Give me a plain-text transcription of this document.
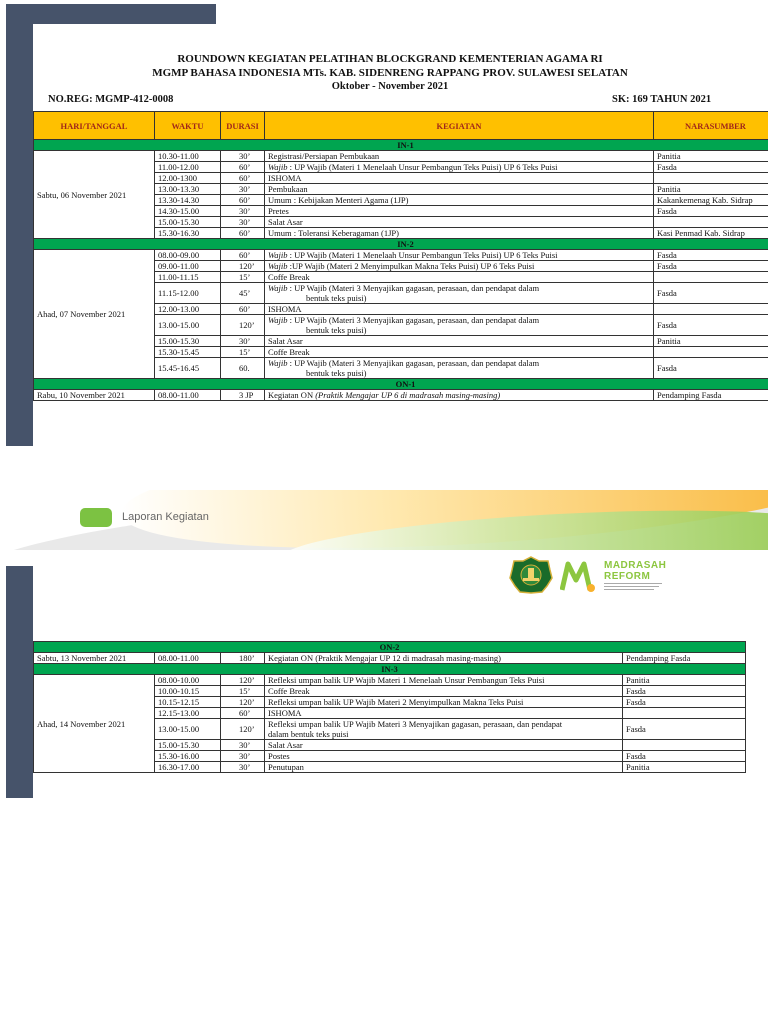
ROUNDOWN KEGIATAN PELATIHAN BLOCKGRAND KEMENTERIAN AGAMA RI
MGMP BAHASA INDONESIA MTs. KAB. SIDENRENG RAPPANG PROV. SULAWESI SELATAN
Oktober - November 2021
NO.REG: MGMP-412-0008	SK: 169 TAHUN 2021
HARI/TANGGAL	WAKTU	DURASI	KEGIATAN	NARASUMBER
IN-1				
Sabtu, 06 November 2021	10.30-11.00	30’	Registrasi/Persiapan Pembukaan	Panitia
	11.00-12.00	60’	Wajib : UP Wajib (Materi 1 Menelaah Unsur Pembangun Teks Puisi) UP 6 Teks Puisi	Fasda
	12.00-1300	60’	ISHOMA	
	13.00-13.30	30’	Pembukaan	Panitia
	13.30-14.30	60’	Umum : Kebijakan Menteri Agama (1JP)	Kakankemenag Kab. Sidrap
	14.30-15.00	30’	Pretes	Fasda
	15.00-15.30	30’	Salat Asar	
	15.30-16.30	60’	Umum : Toleransi Keberagaman (1JP)	Kasi Penmad Kab. Sidrap
IN-2				
Ahad, 07 November 2021	08.00-09.00	60’	Wajib : UP Wajib (Materi 1 Menelaah Unsur Pembangun Teks Puisi) UP 6 Teks Puisi	Fasda
	09.00-11.00	120’	Wajib :UP Wajib (Materi 2 Menyimpulkan Makna Teks Puisi) UP 6 Teks Puisi	Fasda
	11.00-11.15	15’	Coffe Break	
	11.15-12.00	45’	Wajib : UP Wajib (Materi 3 Menyajikan gagasan, perasaan, dan pendapat dalam
bentuk teks puisi)	Fasda
	12.00-13.00	60’	ISHOMA	
	13.00-15.00	120’	Wajib : UP Wajib (Materi 3 Menyajikan gagasan, perasaan, dan pendapat dalam
bentuk teks puisi)	Fasda
	15.00-15.30	30’	Salat Asar	Panitia
	15.30-15.45	15’	Coffe Break	
	15.45-16.45	60.	Wajib : UP Wajib (Materi 3 Menyajikan gagasan, perasaan, dan pendapat dalam
bentuk teks puisi)	Fasda
ON-1				
Rabu, 10 November 2021	08.00-11.00	3 JP	Kegiatan ON (Praktik Mengajar UP 6 di madrasah masing-masing)	Pendamping Fasda
Laporan Kegiatan
MADRASAH
REFORM
ON-2				
Sabtu, 13 November 2021	08.00-11.00	180’	Kegiatan ON (Praktik Mengajar UP 12 di madrasah masing-masing)	Pendamping Fasda
IN-3				
Ahad, 14 November 2021	08.00-10.00	120’	Refleksi umpan balik UP Wajib Materi 1 Menelaah Unsur Pembangun Teks Puisi	Panitia
	10.00-10.15	15’	Coffe Break	Fasda
	10.15-12.15	120’	Refleksi umpan balik UP Wajib Materi 2 Menyimpulkan Makna Teks Puisi	Fasda
	12.15-13.00	60’	ISHOMA	
	13.00-15.00	120’	Refleksi umpan balik UP Wajib Materi 3 Menyajikan gagasan, perasaan, dan pendapat
dalam bentuk teks puisi	Fasda
	15.00-15.30	30’	Salat Asar	
	15.30-16.00	30’	Postes	Fasda
	16.30-17.00	30’	Penutupan	Panitia
